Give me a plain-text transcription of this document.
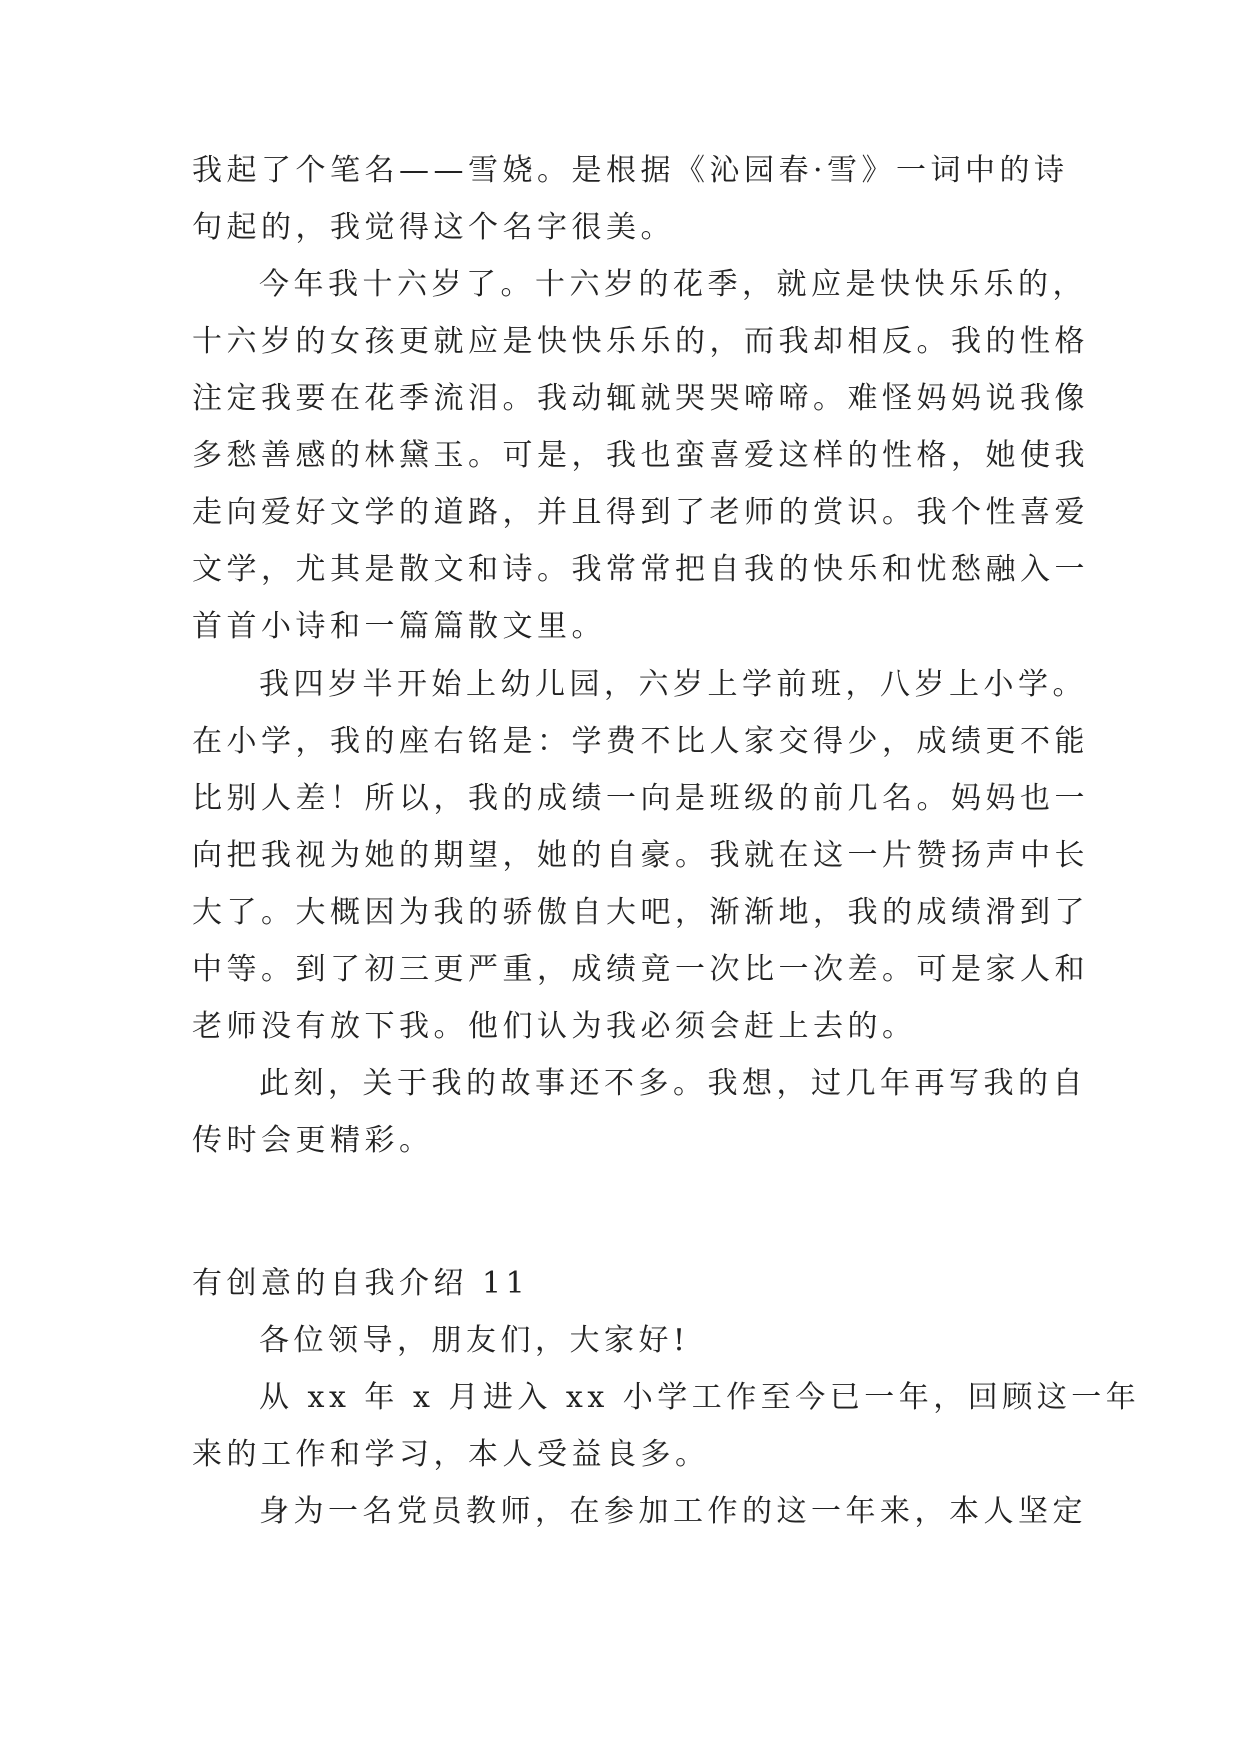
我起了个笔名——雪娆。是根据《沁园春·雪》一词中的诗
句起的，我觉得这个名字很美。
今年我十六岁了。十六岁的花季，就应是快快乐乐的，
十六岁的女孩更就应是快快乐乐的，而我却相反。我的性格
注定我要在花季流泪。我动辄就哭哭啼啼。难怪妈妈说我像
多愁善感的林黛玉。可是，我也蛮喜爱这样的性格，她使我
走向爱好文学的道路，并且得到了老师的赏识。我个性喜爱
文学，尤其是散文和诗。我常常把自我的快乐和忧愁融入一
首首小诗和一篇篇散文里。
我四岁半开始上幼儿园，六岁上学前班，八岁上小学。
在小学，我的座右铭是：学费不比人家交得少，成绩更不能
比别人差！所以，我的成绩一向是班级的前几名。妈妈也一
向把我视为她的期望，她的自豪。我就在这一片赞扬声中长
大了。大概因为我的骄傲自大吧，渐渐地，我的成绩滑到了
中等。到了初三更严重，成绩竟一次比一次差。可是家人和
老师没有放下我。他们认为我必须会赶上去的。
此刻，关于我的故事还不多。我想，过几年再写我的自
传时会更精彩。
有创意的自我介绍 11
各位领导，朋友们，大家好!
从 xx 年 x 月进入 xx 小学工作至今已一年，回顾这一年
来的工作和学习，本人受益良多。
身为一名党员教师，在参加工作的这一年来，本人坚定
